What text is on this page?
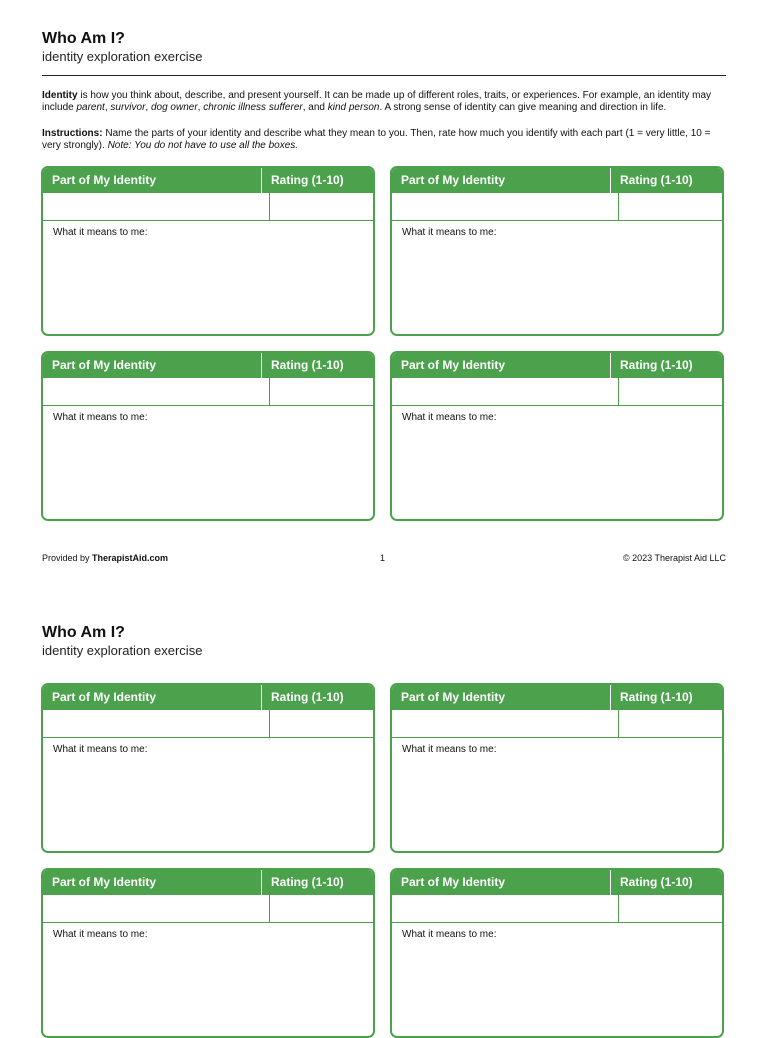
Who Am I?
identity exploration exercise
Identity is how you think about, describe, and present yourself. It can be made up of different roles, traits, or experiences. For example, an identity may include parent, survivor, dog owner, chronic illness sufferer, and kind person. A strong sense of identity can give meaning and direction in life.
Instructions: Name the parts of your identity and describe what they mean to you. Then, rate how much you identify with each part (1 = very little, 10 = very strongly). Note: You do not have to use all the boxes.
Part of My Identity	Rating (1-10)
What it means to me:
Part of My Identity	Rating (1-10)
What it means to me:
Part of My Identity	Rating (1-10)
What it means to me:
Part of My Identity	Rating (1-10)
What it means to me:
Provided by TherapistAid.com	1	© 2023 Therapist Aid LLC
Who Am I?
identity exploration exercise
Part of My Identity	Rating (1-10)
What it means to me:
Part of My Identity	Rating (1-10)
What it means to me:
Part of My Identity	Rating (1-10)
What it means to me:
Part of My Identity	Rating (1-10)
What it means to me:
